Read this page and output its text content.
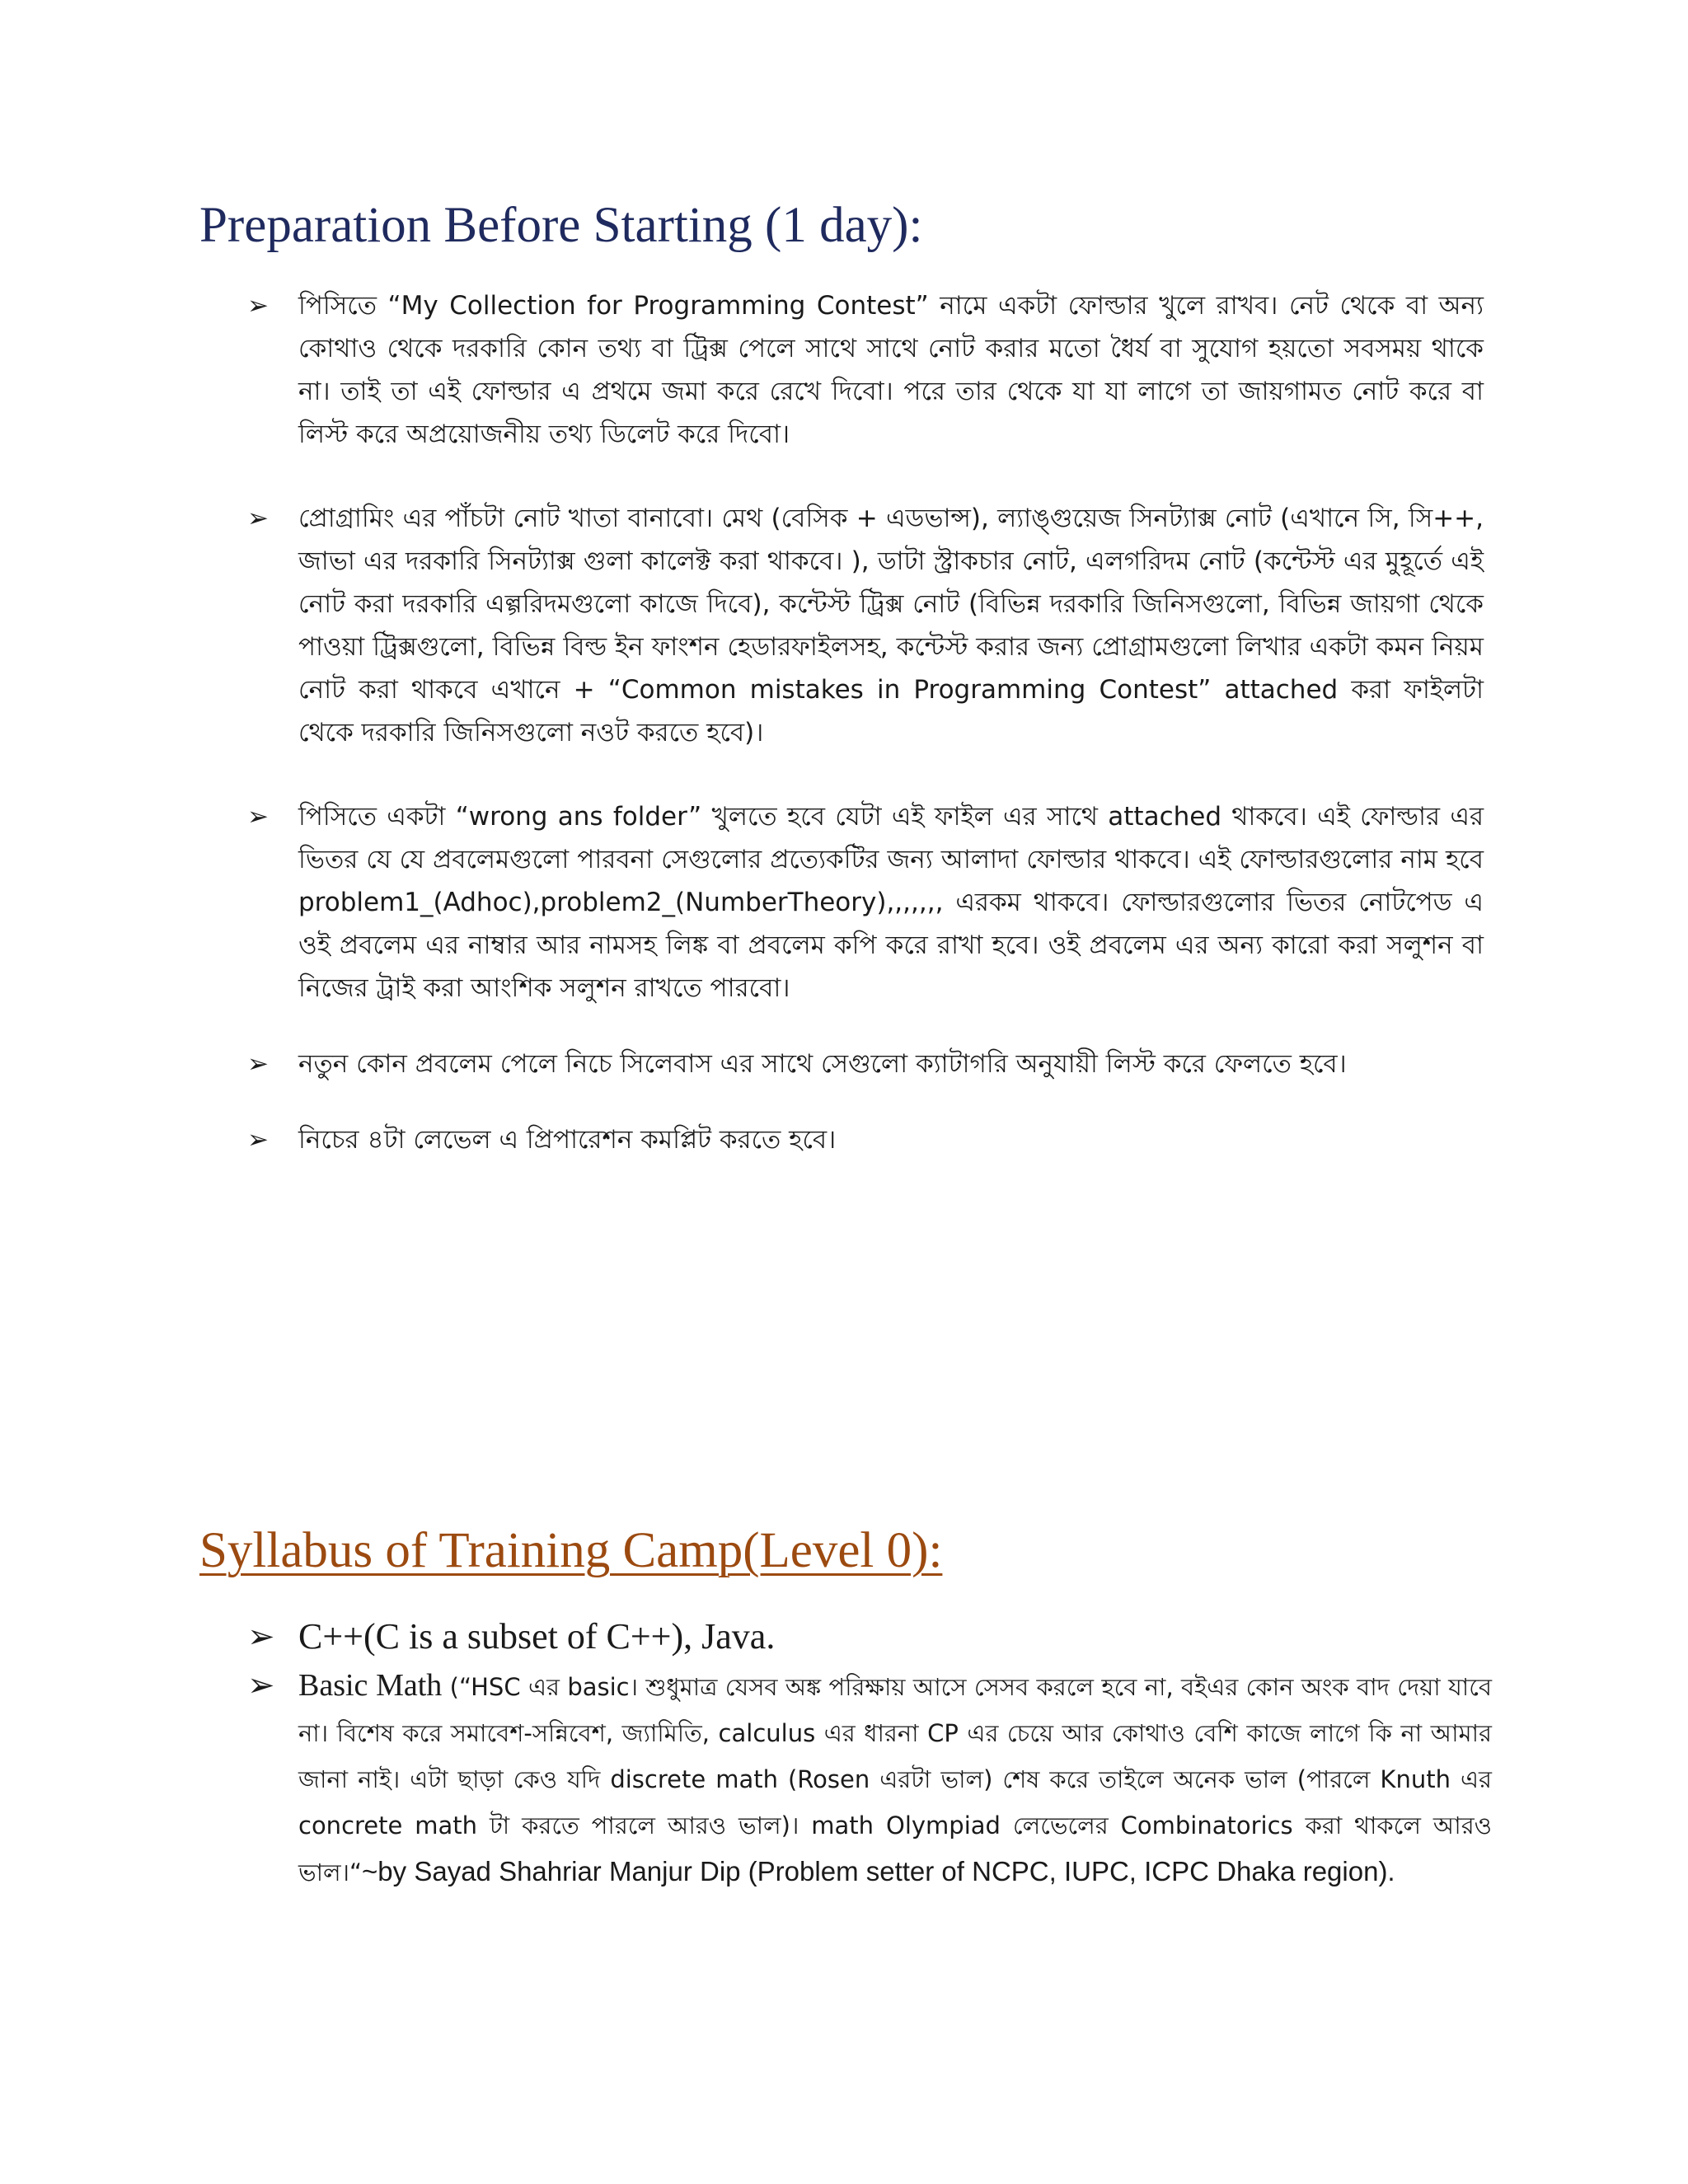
Preparation Before Starting (1 day):
➢ পিসিতে “My Collection for Programming Contest” নামে একটা ফোল্ডার খুলে রাখব। নেট থেকে বা অন্য কোথাও থেকে দরকারি কোন তথ্য বা ট্রিক্স পেলে সাথে সাথে নোট করার মতো ধৈর্য বা সুযোগ হয়তো সবসময় থাকে না। তাই তা এই ফোল্ডার এ প্রথমে জমা করে রেখে দিবো। পরে তার থেকে যা যা লাগে তা জায়গামত নোট করে বা লিস্ট করে অপ্রয়োজনীয় তথ্য ডিলেট করে দিবো।
➢ প্রোগ্রামিং এর পাঁচটা নোট খাতা বানাবো। মেথ (বেসিক + এডভান্স), ল্যাঙ্গুয়েজ সিনট্যাক্স নোট (এখানে সি, সি++, জাভা এর দরকারি সিনট্যাক্স গুলা কালেক্ট করা থাকবে। ), ডাটা স্ট্রাকচার নোট, এলগরিদম নোট (কন্টেস্ট এর মুহূর্তে এই নোট করা দরকারি এল্গরিদমগুলো কাজে দিবে), কন্টেস্ট ট্রিক্স নোট (বিভিন্ন দরকারি জিনিসগুলো, বিভিন্ন জায়গা থেকে পাওয়া ট্রিক্সগুলো, বিভিন্ন বিল্ড ইন ফাংশন হেডারফাইলসহ, কন্টেস্ট করার জন্য প্রোগ্রামগুলো লিখার একটা কমন নিয়ম নোট করা থাকবে এখানে + “Common mistakes in Programming Contest” attached করা ফাইলটা থেকে দরকারি জিনিসগুলো নওট করতে হবে)।
➢ পিসিতে একটা “wrong ans folder” খুলতে হবে যেটা এই ফাইল এর সাথে attached থাকবে। এই ফোল্ডার এর ভিতর যে যে প্রবলেমগুলো পারবনা সেগুলোর প্রত্যেকটির জন্য আলাদা ফোল্ডার থাকবে। এই ফোল্ডারগুলোর নাম হবে problem1_(Adhoc),problem2_(NumberTheory),,,,,,, এরকম থাকবে। ফোল্ডারগুলোর ভিতর নোটপেড এ ওই প্রবলেম এর নাম্বার আর নামসহ লিঙ্ক বা প্রবলেম কপি করে রাখা হবে। ওই প্রবলেম এর অন্য কারো করা সলুশন বা নিজের ট্রাই করা আংশিক সলুশন রাখতে পারবো।
➢ নতুন কোন প্রবলেম পেলে নিচে সিলেবাস এর সাথে সেগুলো ক্যাটাগরি অনুযায়ী লিস্ট করে ফেলতে হবে।
➢ নিচের ৪টা লেভেল এ প্রিপারেশন কমপ্লিট করতে হবে।
Syllabus of Training Camp(Level 0):
➢ C++(C is a subset of C++), Java.
➢ Basic Math (“HSC এর basic। শুধুমাত্র যেসব অঙ্ক পরিক্ষায় আসে সেসব করলে হবে না, বইএর কোন অংক বাদ দেয়া যাবে না। বিশেষ করে সমাবেশ-সন্নিবেশ, জ্যামিতি, calculus এর ধারনা CP এর চেয়ে আর কোথাও বেশি কাজে লাগে কি না আমার জানা নাই। এটা ছাড়া কেও যদি discrete math (Rosen এরটা ভাল) শেষ করে তাইলে অনেক ভাল (পারলে Knuth এর concrete math টা করতে পারলে আরও ভাল)। math Olympiad লেভেলের Combinatorics করা থাকলে আরও ভাল।“~by Sayad Shahriar Manjur Dip (Problem setter of NCPC, IUPC, ICPC Dhaka region).
